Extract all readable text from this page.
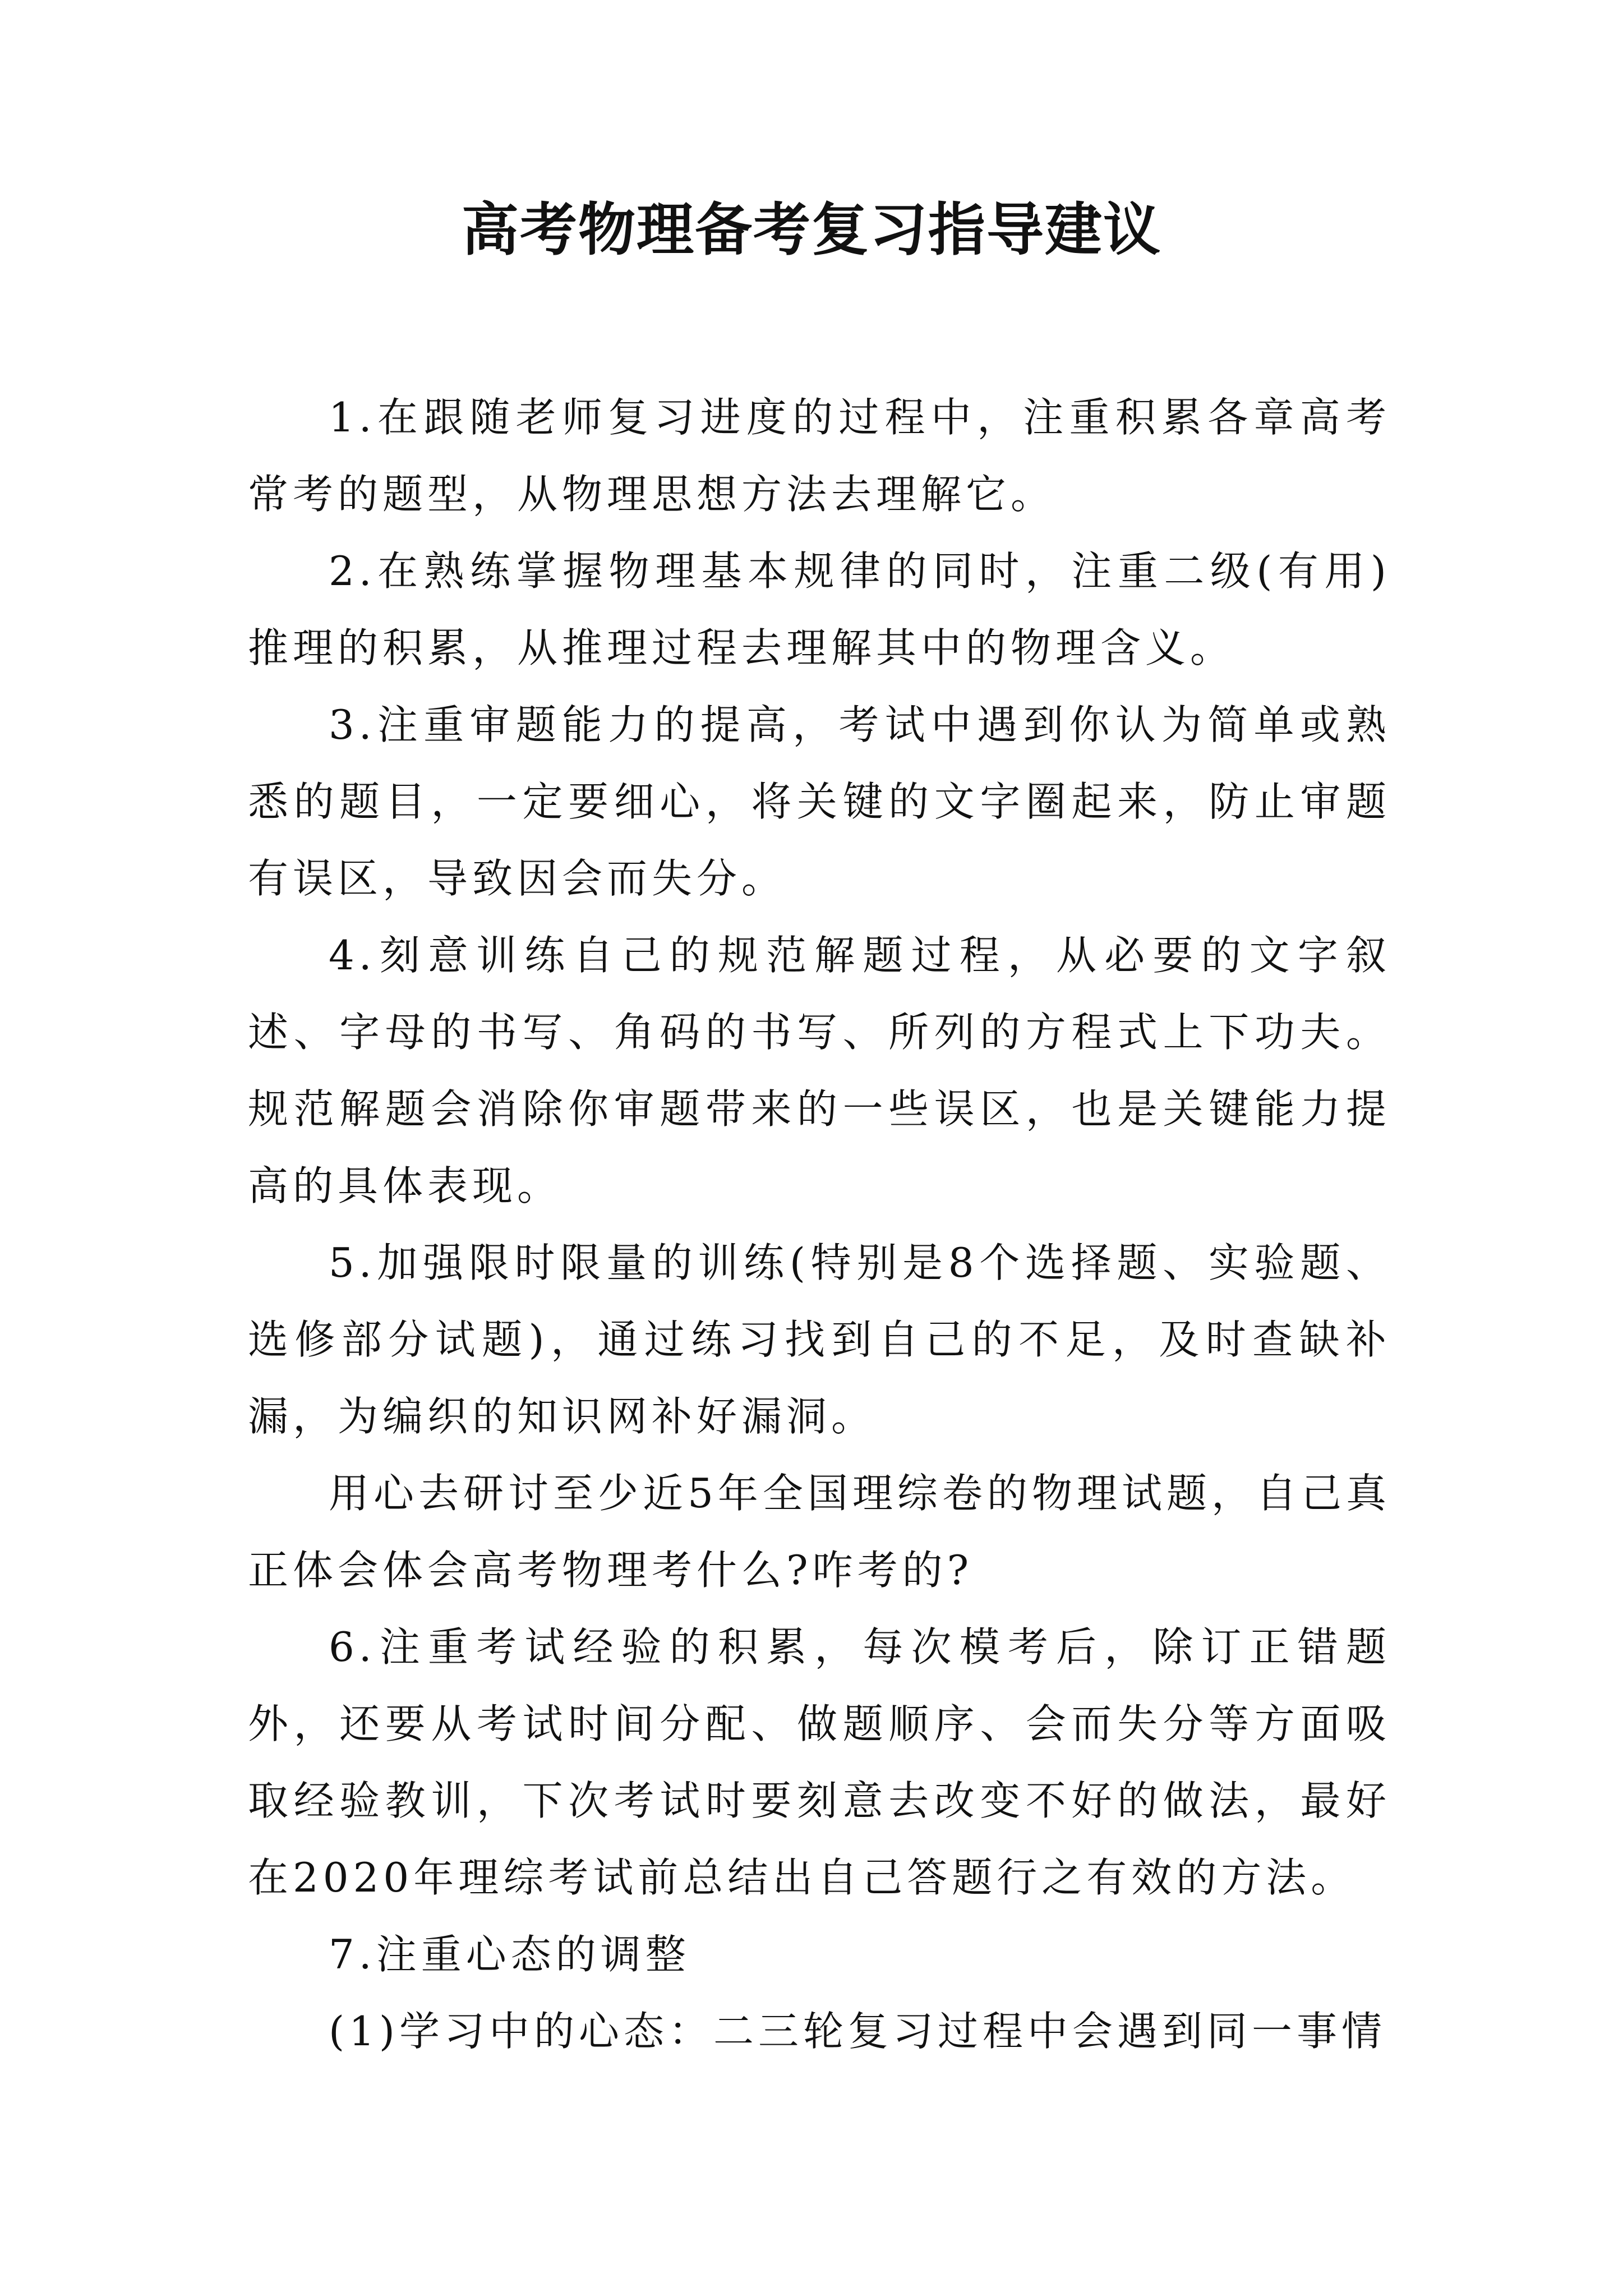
高考物理备考复习指导建议

1.在跟随老师复习进度的过程中，注重积累各章高考常考的题型，从物理思想方法去理解它。

2.在熟练掌握物理基本规律的同时，注重二级(有用)推理的积累，从推理过程去理解其中的物理含义。

3.注重审题能力的提高，考试中遇到你认为简单或熟悉的题目，一定要细心，将关键的文字圈起来，防止审题有误区，导致因会而失分。

4.刻意训练自己的规范解题过程，从必要的文字叙述、字母的书写、角码的书写、所列的方程式上下功夫。规范解题会消除你审题带来的一些误区，也是关键能力提高的具体表现。

5.加强限时限量的训练(特别是8个选择题、实验题、选修部分试题)，通过练习找到自己的不足，及时查缺补漏，为编织的知识网补好漏洞。

用心去研讨至少近5年全国理综卷的物理试题，自己真正体会体会高考物理考什么?咋考的?

6.注重考试经验的积累，每次模考后，除订正错题外，还要从考试时间分配、做题顺序、会而失分等方面吸取经验教训，下次考试时要刻意去改变不好的做法，最好在2020年理综考试前总结出自己答题行之有效的方法。

7.注重心态的调整

(1)学习中的心态：二三轮复习过程中会遇到同一事情
